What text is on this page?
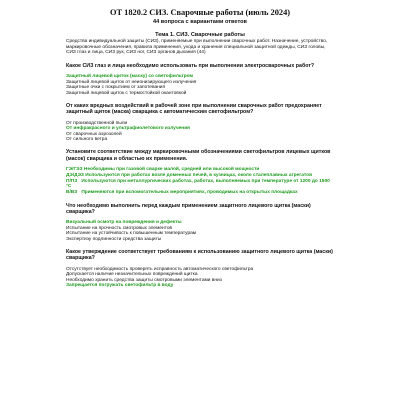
ОТ 1820.2 СИЗ. Сварочные работы (июль 2024)
44 вопроса с вариантами ответов
Тема 1. СИЗ. Сварочные работы
Средства индивидуальной защиты (СИЗ), применяемые при выполнении сварочных работ. Назначение, устройство, маркировочные обозначения, правила применения, ухода и хранения специальной защитной одежды, СИЗ головы, СИЗ глаз и лица, СИЗ рук, СИЗ ног, СИЗ органов дыхания (44)
Какое СИЗ глаз и лица необходимо использовать при выполнении электросварочных работ?
Защитный лицевой щиток (маску) со светофильтром
Защитный лицевой щиток от неионизирующего излучения
Защитные очки с покрытием от запотевания
Защитный лицевой щиток с термостойкой окантовкой
От каких вредных воздействий в рабочей зоне при выполнении сварочных работ предохраняет защитный щиток (маска) сварщика с автоматическим светофильтром?
От производственной пыли
От инфракрасного и ультрафиолетового излучения
От сварочных аэрозолей
От сильного ветра
Установите соответствие между маркировочными обозначениями светофильтров лицевых щитков (масок) сварщика и областью их применения.
ГЭ/ГЭЗ Необходимы при газовой сварке малой, средней или высокой мощности
ДЭ/ДЭЗ Используются при работах возле доменных печей, в кузницах, около сталеплавных агрегатов
П/ПЗ Используются при металлургических работах, работах, выполняемых при температуре от 1200 до 1500 °С
В/ВЗ Применяются при вспомогательных мероприятиях, проводимых на открытых площадках
Что необходимо выполнить перед каждым применением защитного лицевого щитка (маски) сварщика?
Визуальный осмотр на повреждения и дефекты
Испытание на прочность смотровых элементов
Испытание на устойчивость к повышенным температурам
Экспертизу подлинности средства защиты
Какое утверждение соответствует требованиям к использованию защитного лицевого щитка (маски) сварщика?
Отсутствует необходимость проверять исправность автоматического светофильтра
Допускается наличие незначительных повреждений щитка
Необходимо хранить средства защиты смотровыми элементами вниз
Запрещается погружать светофильтр в воду
